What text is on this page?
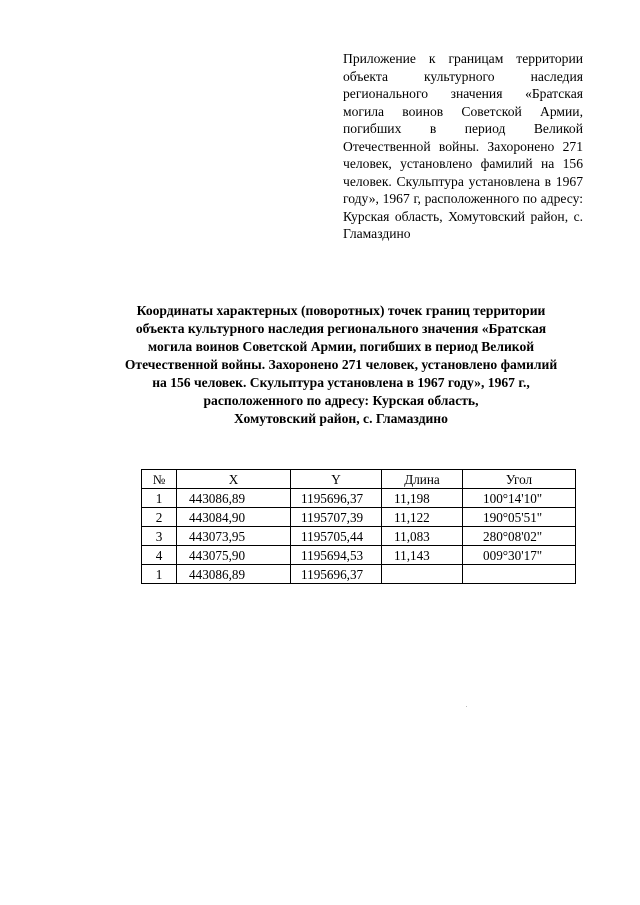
Приложение к границам территории объекта культурного наследия регионального значения «Братская могила воинов Советской Армии, погибших в период Великой Отечественной войны. Захоронено 271 человек, установлено фамилий на 156 человек. Скульптура установлена в 1967 году», 1967 г, расположенного по адресу: Курская область, Хомутовский район, с. Гламаздино
Координаты характерных (поворотных) точек границ территории
объекта культурного наследия регионального значения «Братская
могила воинов Советской Армии, погибших в период Великой
Отечественной войны. Захоронено 271 человек, установлено фамилий
на 156 человек. Скульптура установлена в 1967 году», 1967 г.,
расположенного по адресу: Курская область,
Хомутовский район, с. Гламаздино
№	X	Y	Длина	Угол
1	443086,89	1195696,37	11,198	100°14'10"
2	443084,90	1195707,39	11,122	190°05'51"
3	443073,95	1195705,44	11,083	280°08'02"
4	443075,90	1195694,53	11,143	009°30'17"
1	443086,89	1195696,37		
